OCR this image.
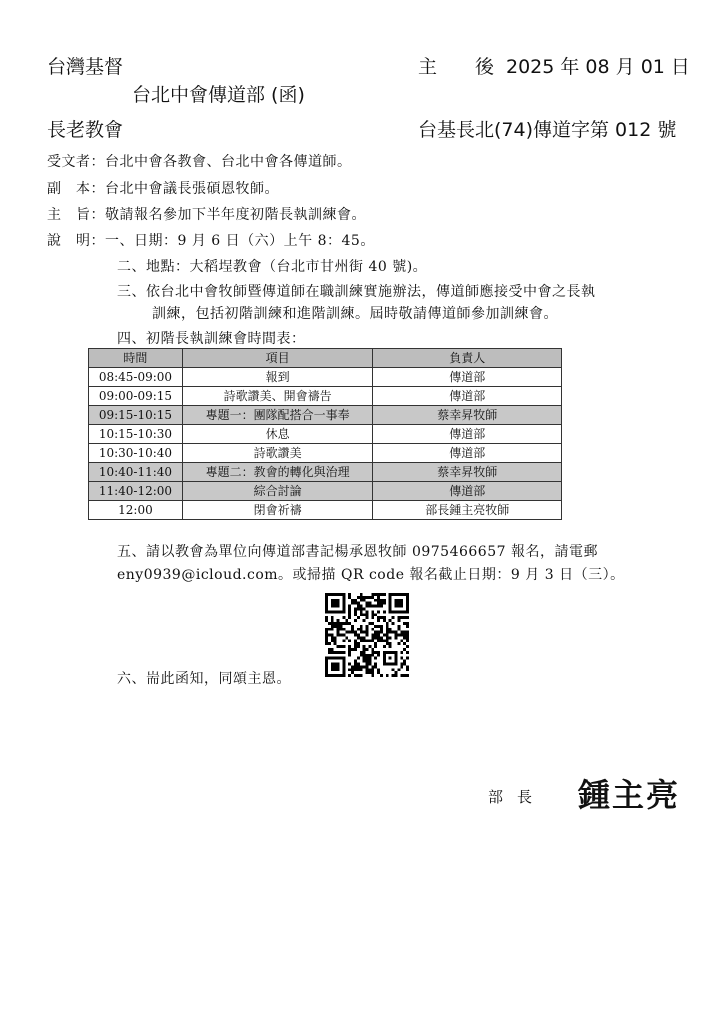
台灣基督
台北中會傳道部 (函)
長老教會
主　　後 2025 年 08 月 01 日
台基長北(74)傳道字第 012 號
受文者：台北中會各教會、台北中會各傳道師。
副　本：台北中會議長張碩恩牧師。
主　旨：敬請報名參加下半年度初階長執訓練會。
說　明：一、日期：9 月 6 日（六）上午 8：45。
二、地點：大稻埕教會（台北市甘州街 40 號)。
三、依台北中會牧師暨傳道師在職訓練實施辦法，傳道師應接受中會之長執
訓練，包括初階訓練和進階訓練。屆時敬請傳道師參加訓練會。
四、初階長執訓練會時間表：
時間	項目	負責人
08:45-09:00	報到	傳道部
09:00-09:15	詩歌讚美、開會禱告	傳道部
09:15-10:15	專題一：團隊配搭合一事奉	蔡幸昇牧師
10:15-10:30	休息	傳道部
10:30-10:40	詩歌讚美	傳道部
10:40-11:40	專題二：教會的轉化與治理	蔡幸昇牧師
11:40-12:00	綜合討論	傳道部
12:00	閉會祈禱	部長鍾主亮牧師
五、請以教會為單位向傳道部書記楊承恩牧師 0975466657 報名，請電郵
eny0939@icloud.com。或掃描 QR code 報名截止日期：9 月 3 日（三）。
六、耑此函知，同頌主恩。
部長 鍾主亮
